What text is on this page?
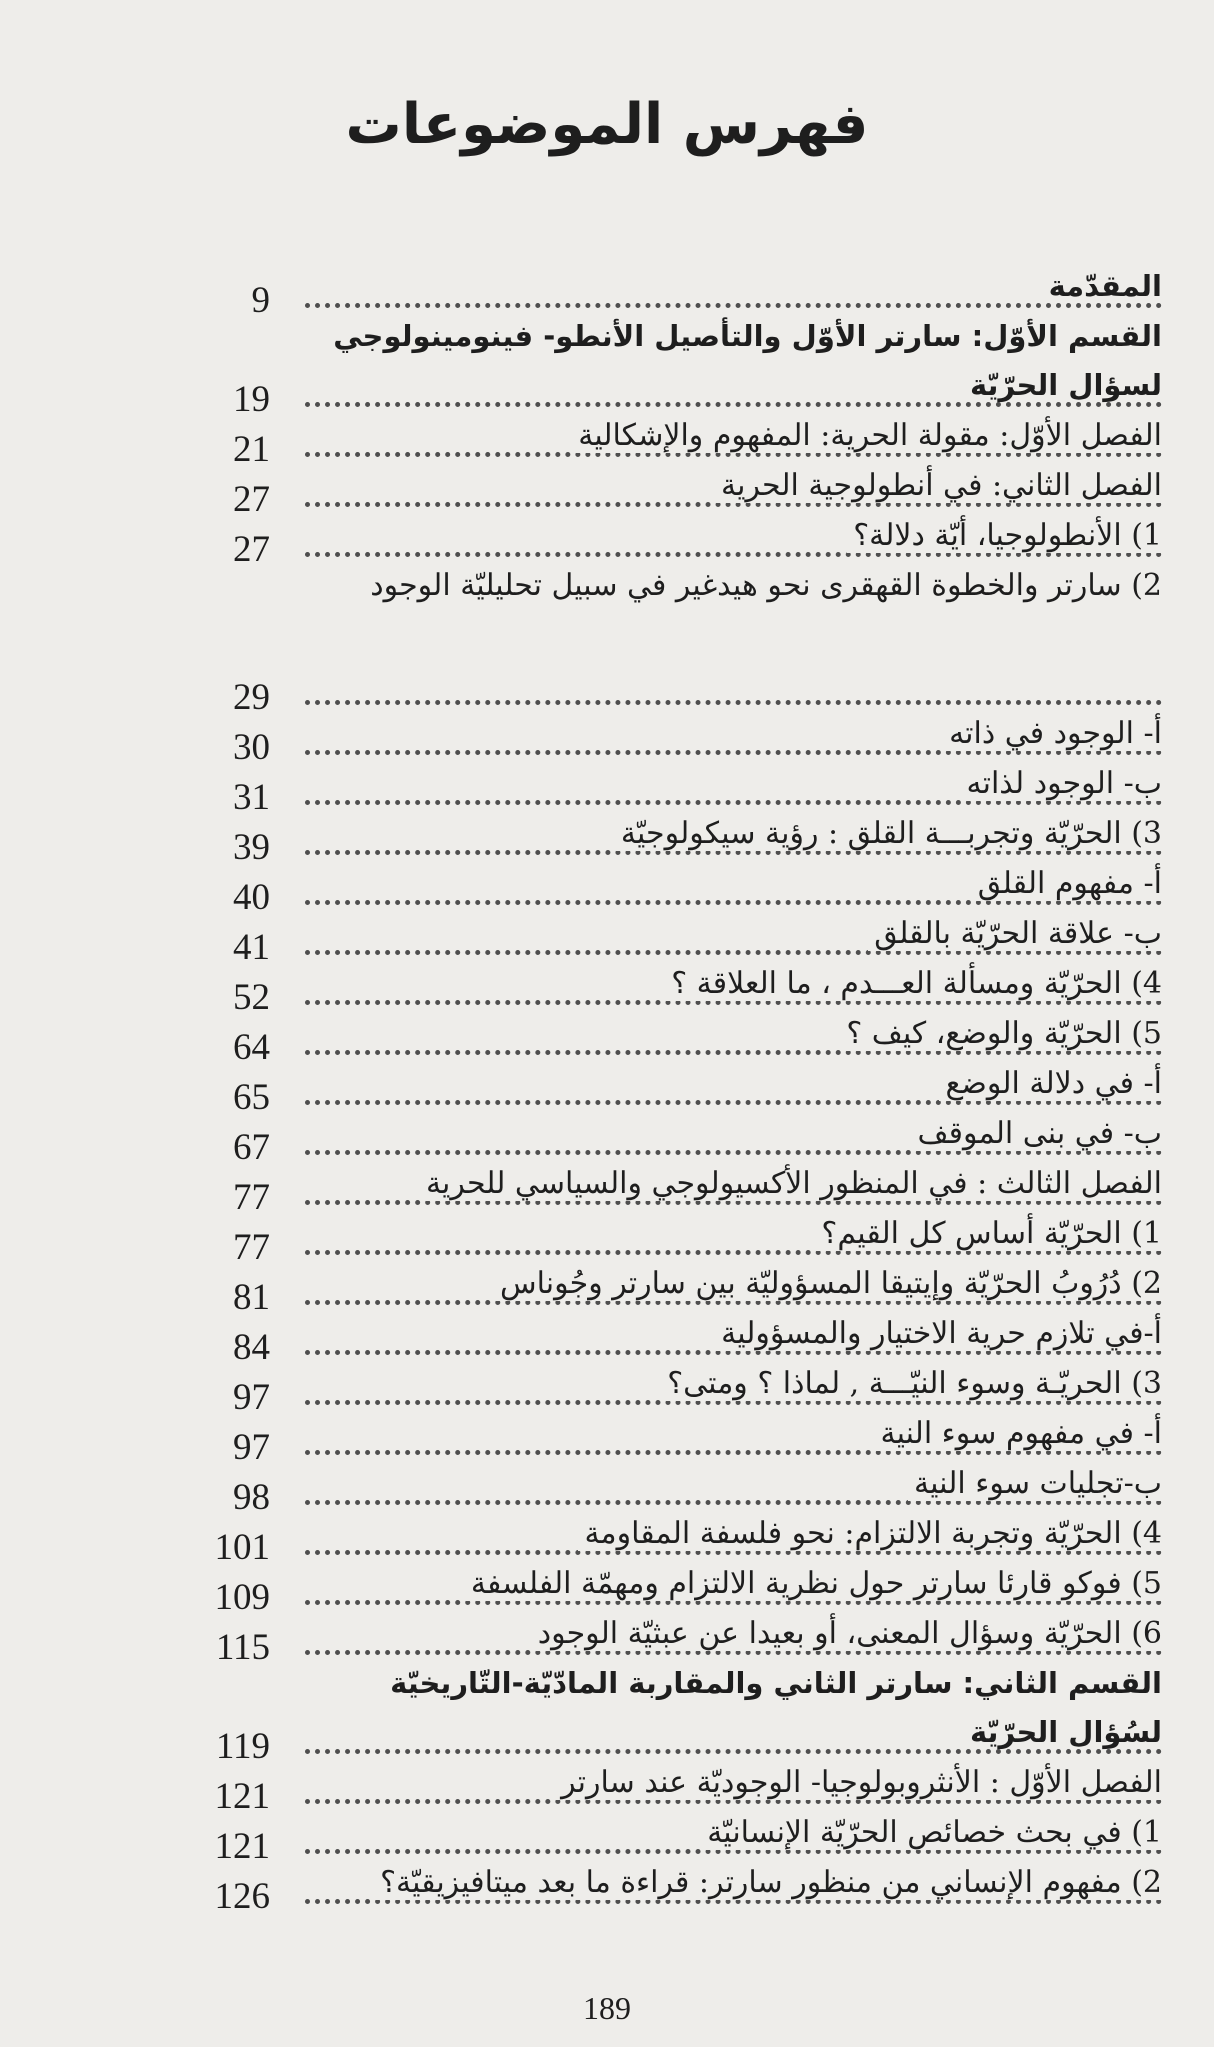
فهرس الموضوعات
المقدّمة
9
القسم الأوّل: سارتر الأوّل والتأصيل الأنطو- فينومينولوجي لسؤال الحرّيّة
19
الفصل الأوّل: مقولة الحرية: المفهوم والإشكالية
21
الفصل الثاني: في أنطولوجية الحرية
27
1) الأنطولوجيا، أيّة دلالة؟
27
2) سارتر والخطوة القهقرى نحو هيدغير في سبيل تحليليّة الوجود
29
أ- الوجود في ذاته
30
ب- الوجود لذاته
31
3) الحرّيّة وتجربـــة القلق : رؤية سيكولوجيّة
39
أ- مفهوم القلق
40
ب- علاقة الحرّيّة بالقلق
41
4) الحرّيّة ومسألة العـــدم ، ما العلاقة ؟
52
5) الحرّيّة والوضع، كيف ؟
64
أ- في دلالة الوضع
65
ب- في بنى الموقف
67
الفصل الثالث : في المنظور الأكسيولوجي والسياسي للحرية
77
1) الحرّيّة أساس كل القيم؟
77
2) دُرُوبُ الحرّيّة وإيتيقا المسؤوليّة بين سارتر وجُوناس
81
أ-في تلازم حرية الاختيار والمسؤولية
84
3) الحريّـة وسوء النيّـــة , لماذا ؟ ومتى؟
97
أ- في مفهوم سوء النية
97
ب-تجليات سوء النية
98
4) الحرّيّة وتجربة الالتزام: نحو فلسفة المقاومة
101
5) فوكو قارئا سارتر حول نظرية الالتزام ومهمّة الفلسفة
109
6) الحرّيّة وسؤال المعنى، أو بعيدا عن عبثيّة الوجود
115
القسم الثاني: سارتر الثاني والمقاربة المادّيّة-التّاريخيّة لسُؤال الحرّيّة
119
الفصل الأوّل : الأنثروبولوجيا- الوجوديّة عند سارتر
121
1) في بحث خصائص الحرّيّة الإنسانيّة
121
2) مفهوم الإنساني من منظور سارتر: قراءة ما بعد ميتافيزيقيّة؟
126
189
